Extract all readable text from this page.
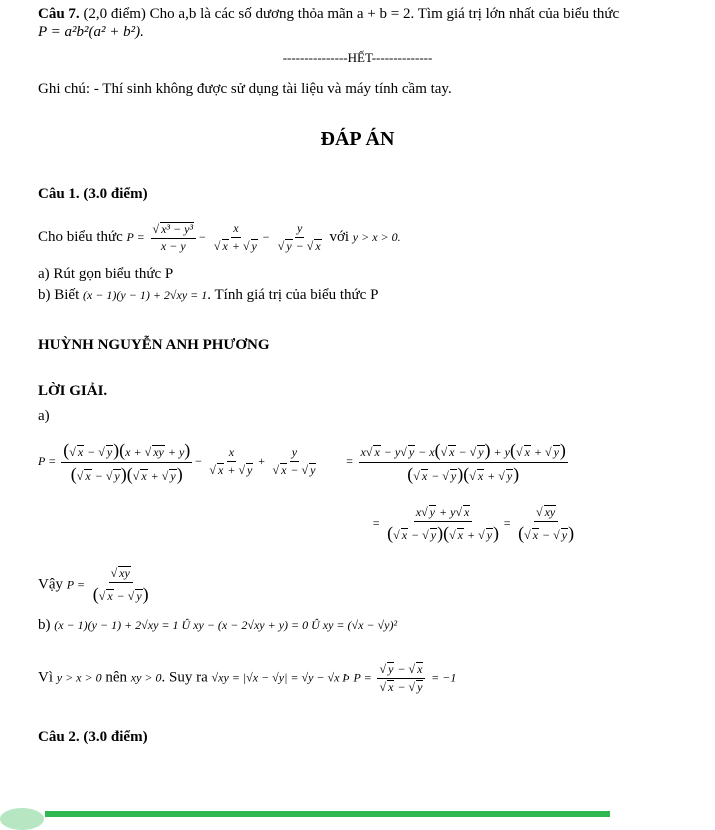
Câu 7. (2,0 điểm) Cho a,b là các số dương thỏa mãn a + b = 2. Tìm giá trị lớn nhất của biểu thức
P = a²b²(a² + b²).
---------------HẾT--------------
Ghi chú: - Thí sinh không được sử dụng tài liệu và máy tính cầm tay.
ĐÁP ÁN
Câu 1. (3.0 điểm)
Cho biểu thức P = √ $\frac{\text{x³ − y³}}{x - y} - x$
√ x + √ y − y
√ y − √ x với y > x > 0.
a) Rút gọn biểu thức P
b) Biết (x − 1)(y − 1) + 2√xy = 1. Tính giá trị của biểu thức P
HUỲNH NGUYỄN ANH PHƯƠNG
LỜI GIẢI.
a)
$P = \frac{( √ x - √ y)(x + √ xy + y)}{( √ x - √ y)( √ x + √ y)} - x$
√ x + √ y + y
√ x − √ $y = \frac{x √ x - y √ y - x( √ x - √ y) + y( √ x + √ y)}{( √ x - √ y)( √ x + √ y)}$
= $\frac{x √ y + y √ x}{( √ x - √ y)( √ x + √ y)}$ = √ $\frac{xy}{( √ x - √ y)}$
Vậy P = √ $\frac{xy}{( √ x - √ y)}$
b) (x − 1)(y − 1) + 2√xy = 1 Û xy − (x − 2√xy + y) = 0 Û xy = (√x − √y)²
Vì y > x > 0 nên xy > 0. Suy ra √xy = |√x − √y| = √y − √x Þ P = √ y − √ x
√ x − √ y = −1
Câu 2. (3.0 điểm)
